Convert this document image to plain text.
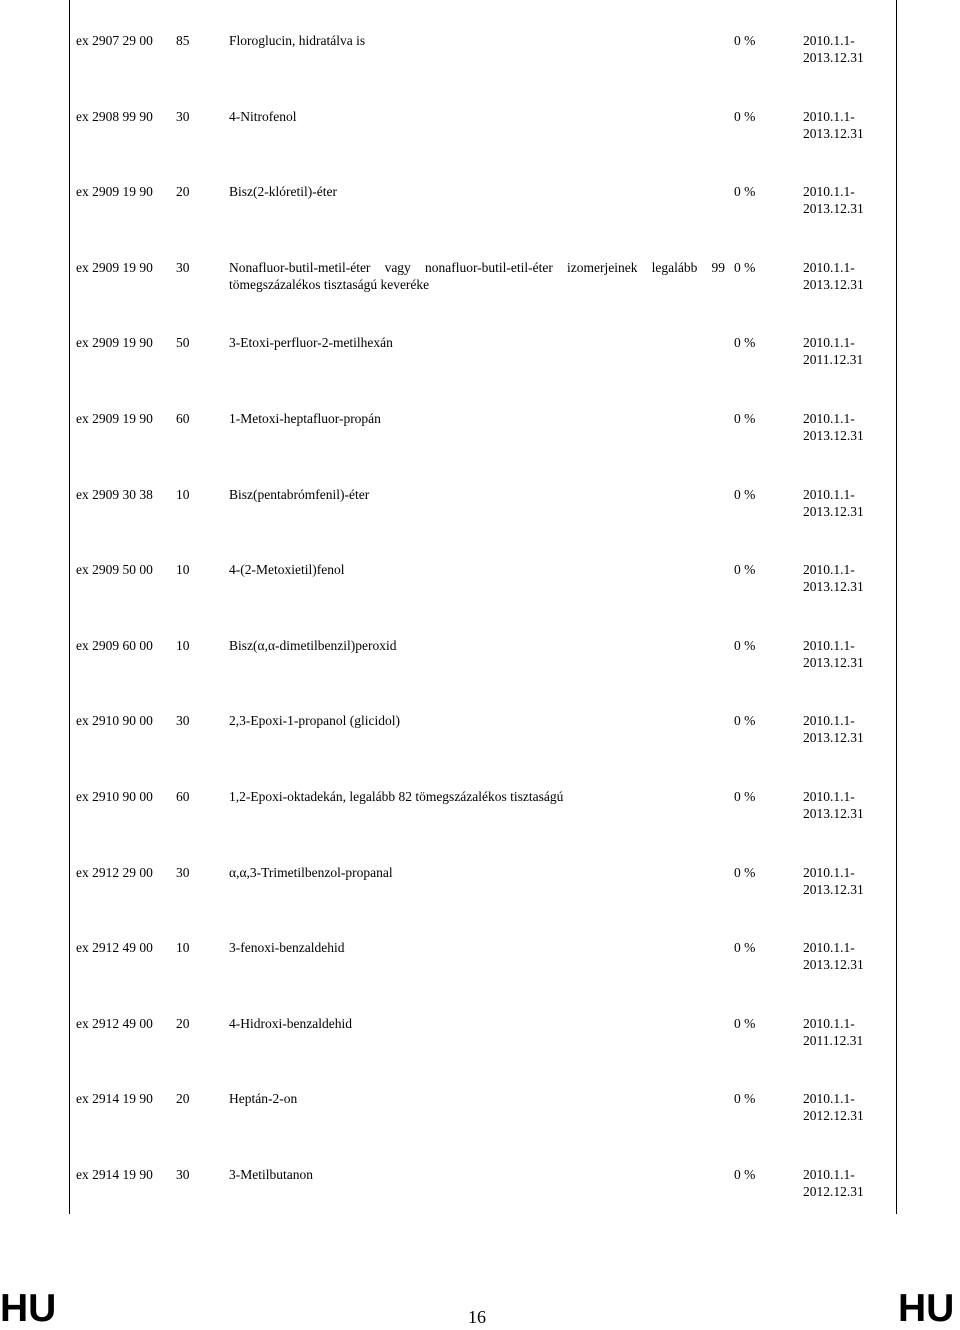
ex 2907 29 00	85	Floroglucin, hidratálva is	0 %	2010.1.1-
2013.12.31
ex 2908 99 90	30	4-Nitrofenol	0 %	2010.1.1-
2013.12.31
ex 2909 19 90	20	Bisz(2-klóretil)-éter	0 %	2010.1.1-
2013.12.31
ex 2909 19 90	30	Nonafluor-butil-metil-éter vagy nonafluor-butil-etil-éter izomerjeinek legalább 99 tömegszázalékos tisztaságú keveréke
0 %	2010.1.1-
2013.12.31
ex 2909 19 90	50	3-Etoxi-perfluor-2-metilhexán	0 %	2010.1.1-
2011.12.31
ex 2909 19 90	60	1-Metoxi-heptafluor-propán	0 %	2010.1.1-
2013.12.31
ex 2909 30 38	10	Bisz(pentabrómfenil)-éter	0 %	2010.1.1-
2013.12.31
ex 2909 50 00	10	4-(2-Metoxietil)fenol	0 %	2010.1.1-
2013.12.31
ex 2909 60 00	10	Bisz(α,α-dimetilbenzil)peroxid	0 %	2010.1.1-
2013.12.31
ex 2910 90 00	30	2,3-Epoxi-1-propanol (glicidol)	0 %	2010.1.1-
2013.12.31
ex 2910 90 00	60	1,2-Epoxi-oktadekán, legalább 82 tömegszázalékos tisztaságú	0 %	2010.1.1-
2013.12.31
ex 2912 29 00	30	α,α,3-Trimetilbenzol-propanal	0 %	2010.1.1-
2013.12.31
ex 2912 49 00	10	3-fenoxi-benzaldehid	0 %	2010.1.1-
2013.12.31
ex 2912 49 00	20	4-Hidroxi-benzaldehid	0 %	2010.1.1-
2011.12.31
ex 2914 19 90	20	Heptán-2-on	0 %	2010.1.1-
2012.12.31
ex 2914 19 90	30	3-Metilbutanon	0 %	2010.1.1-
2012.12.31
HU	16	HU
